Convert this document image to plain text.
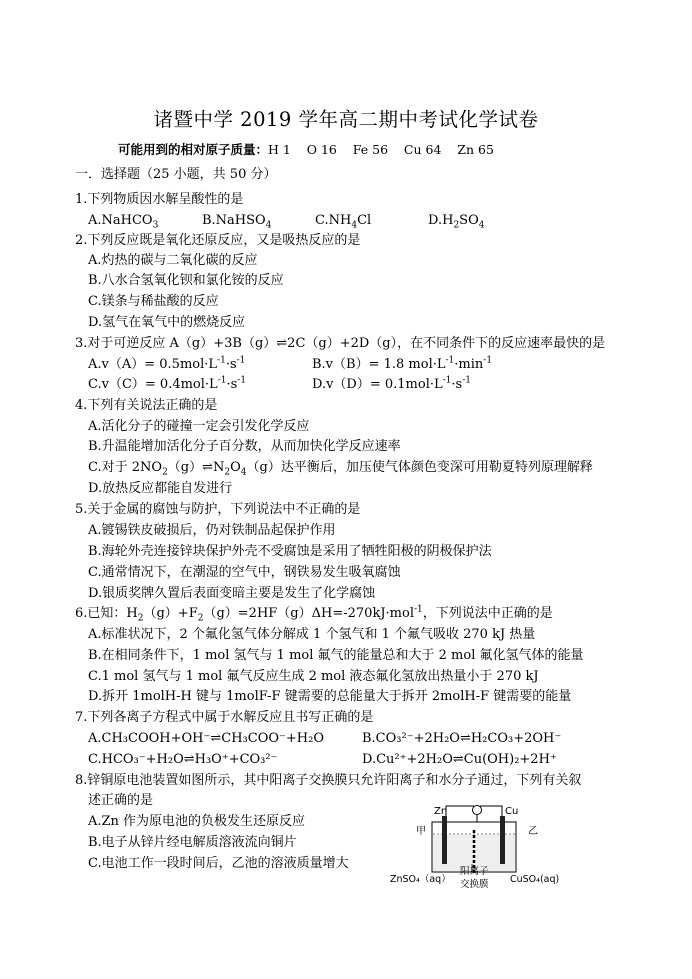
诸暨中学 2019 学年高二期中考试化学试卷
可能用到的相对原子质量：H 1    O 16    Fe 56    Cu 64    Zn 65
一．选择题（25 小题，共 50 分）
1.下列物质因水解呈酸性的是
A.NaHCO$_3$	B.NaHSO$_4$	$C.NH_4Cl$	$D.H_2SO_4$
2.下列反应既是氧化还原反应，又是吸热反应的是
A.灼热的碳与二氧化碳的反应
B.八水合氢氧化钡和氯化铵的反应
C.镁条与稀盐酸的反应
D.氢气在氧气中的燃烧反应
3.对于可逆反应 A（g）+3B（g）⇌2C（g）+2D（g），在不同条件下的反应速率最快的是
$A.v(A)= 0.5mol\cdot L^{-1}\cdot s^{-1}$	B.v（B）= 1.8 $mol\cdot L^{-1}\cdot\min^{-1}$
$C.v(C)= 0.4mol\cdot L^{-1}\cdot s^{-1}$	$D.v(D)= 0.1mol\cdot L^{-1}\cdot s^{-1}$
4.下列有关说法正确的是
A.活化分子的碰撞一定会引发化学反应
B.升温能增加活化分子百分数，从而加快化学反应速率
C.对于 $2NO_2(g)\rightleftharpoons N_2O_4(g)$达平衡后，加压使气体颜色变深可用勒夏特列原理解释
D.放热反应都能自发进行
5.关于金属的腐蚀与防护，下列说法中不正确的是
A.镀锡铁皮破损后，仍对铁制品起保护作用
B.海轮外壳连接锌块保护外壳不受腐蚀是采用了牺牲阳极的阴极保护法
C.通常情况下，在潮湿的空气中，钢铁易发生吸氧腐蚀
D.银质奖牌久置后表面变暗主要是发生了化学腐蚀
6.已知：$H_2(g)+F_2(g)=2HF(g)\Delta H=-270kJ\cdot mol^{-1}$，下列说法中正确的是
A.标准状况下，2 个氟化氢气体分解成 1 个氢气和 1 个氟气吸收 270 kJ 热量
B.在相同条件下，1 mol 氢气与 1 mol 氟气的能量总和大于 2 mol 氟化氢气体的能量
C.1 mol 氢气与 1 mol 氟气反应生成 2 mol 液态氟化氢放出热量小于 270 kJ
D.拆开 1molH-H 键与 1molF-F 键需要的总能量大于拆开 2molH-F 键需要的能量
7.下列各离子方程式中属于水解反应且书写正确的是
A.CH₃COOH+OH⁻⇌CH₃COO⁻+H₂O	B.CO₃²⁻+2H₂O⇌H₂CO₃+2OH⁻
C.HCO₃⁻+H₂O⇌H₃O⁺+CO₃²⁻	D.Cu²⁺+2H₂O⇌Cu(OH)₂+2H⁺
8.锌铜原电池装置如图所示，其中阳离子交换膜只允许阳离子和水分子通过，下列有关叙
述正确的是
A.Zn 作为原电池的负极发生还原反应
B.电子从锌片经电解质溶液流向铜片
C.电池工作一段时间后，乙池的溶液质量增大
Zn	Cu
甲	乙
ZnSO₄（aq）
阳离子
交换膜 CuSO₄(aq)
